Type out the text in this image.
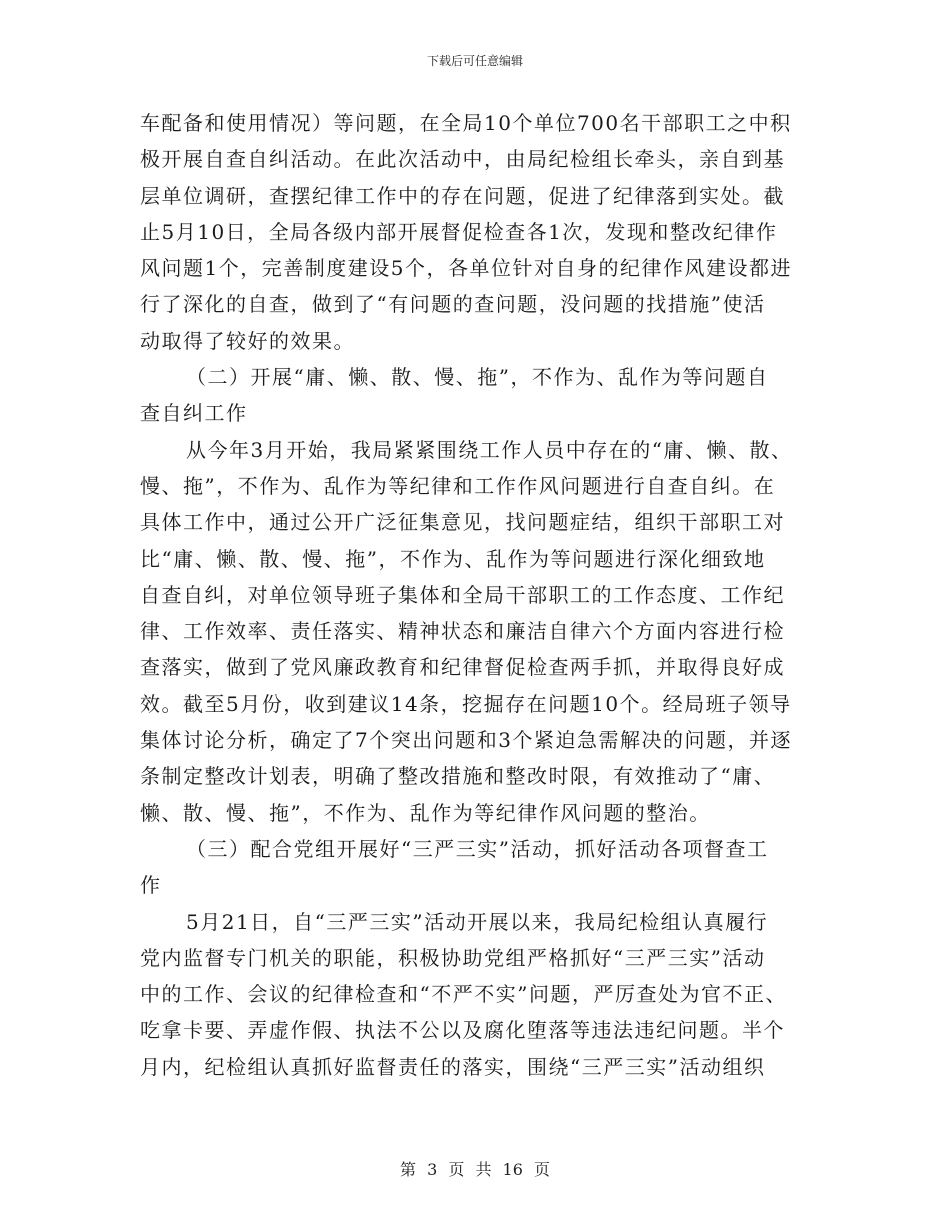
下载后可任意编辑
车配备和使用情况）等问题，在全局10个单位700名干部职工之中积
极开展自查自纠活动。在此次活动中，由局纪检组长牵头，亲自到基
层单位调研，查摆纪律工作中的存在问题，促进了纪律落到实处。截
止5月10日，全局各级内部开展督促检查各1次，发现和整改纪律作
风问题1个，完善制度建设5个，各单位针对自身的纪律作风建设都进
行了深化的自查，做到了“有问题的查问题，没问题的找措施”使活
动取得了较好的效果。
（二）开展“庸、懒、散、慢、拖”，不作为、乱作为等问题自
查自纠工作
从今年3月开始，我局紧紧围绕工作人员中存在的“庸、懒、散、
慢、拖”，不作为、乱作为等纪律和工作作风问题进行自查自纠。在
具体工作中，通过公开广泛征集意见，找问题症结，组织干部职工对
比“庸、懒、散、慢、拖”，不作为、乱作为等问题进行深化细致地
自查自纠，对单位领导班子集体和全局干部职工的工作态度、工作纪
律、工作效率、责任落实、精神状态和廉洁自律六个方面内容进行检
查落实，做到了党风廉政教育和纪律督促检查两手抓，并取得良好成
效。截至5月份，收到建议14条，挖掘存在问题10个。经局班子领导
集体讨论分析，确定了7个突出问题和3个紧迫急需解决的问题，并逐
条制定整改计划表，明确了整改措施和整改时限，有效推动了“庸、
懒、散、慢、拖”，不作为、乱作为等纪律作风问题的整治。
（三）配合党组开展好“三严三实”活动，抓好活动各项督查工
作
5月21日，自“三严三实”活动开展以来，我局纪检组认真履行
党内监督专门机关的职能，积极协助党组严格抓好“三严三实”活动
中的工作、会议的纪律检查和“不严不实”问题，严厉查处为官不正、
吃拿卡要、弄虚作假、执法不公以及腐化堕落等违法违纪问题。半个
月内，纪检组认真抓好监督责任的落实，围绕“三严三实”活动组织
第 3 页 共 16 页
